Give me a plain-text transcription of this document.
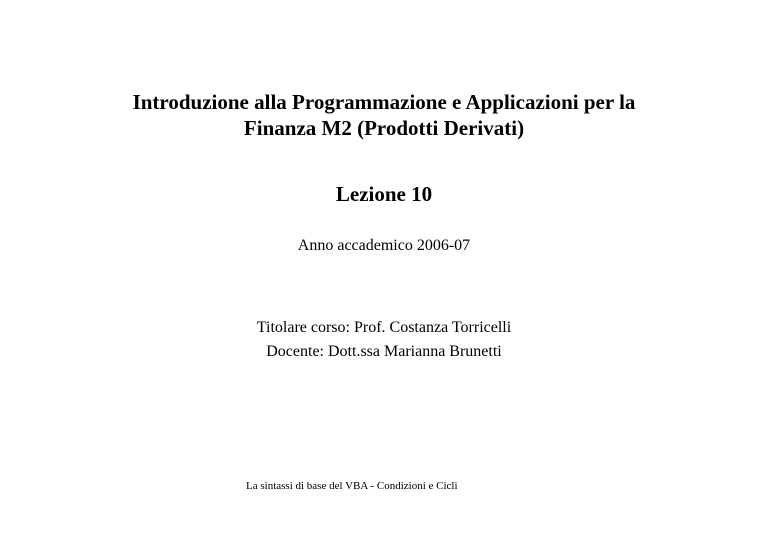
Introduzione alla Programmazione e Applicazioni per la
Finanza M2 (Prodotti Derivati)
Lezione 10
Anno accademico 2006-07
Titolare corso: Prof. Costanza Torricelli
Docente: Dott.ssa Marianna Brunetti
La sintassi di base del VBA - Condizioni e Cicli
